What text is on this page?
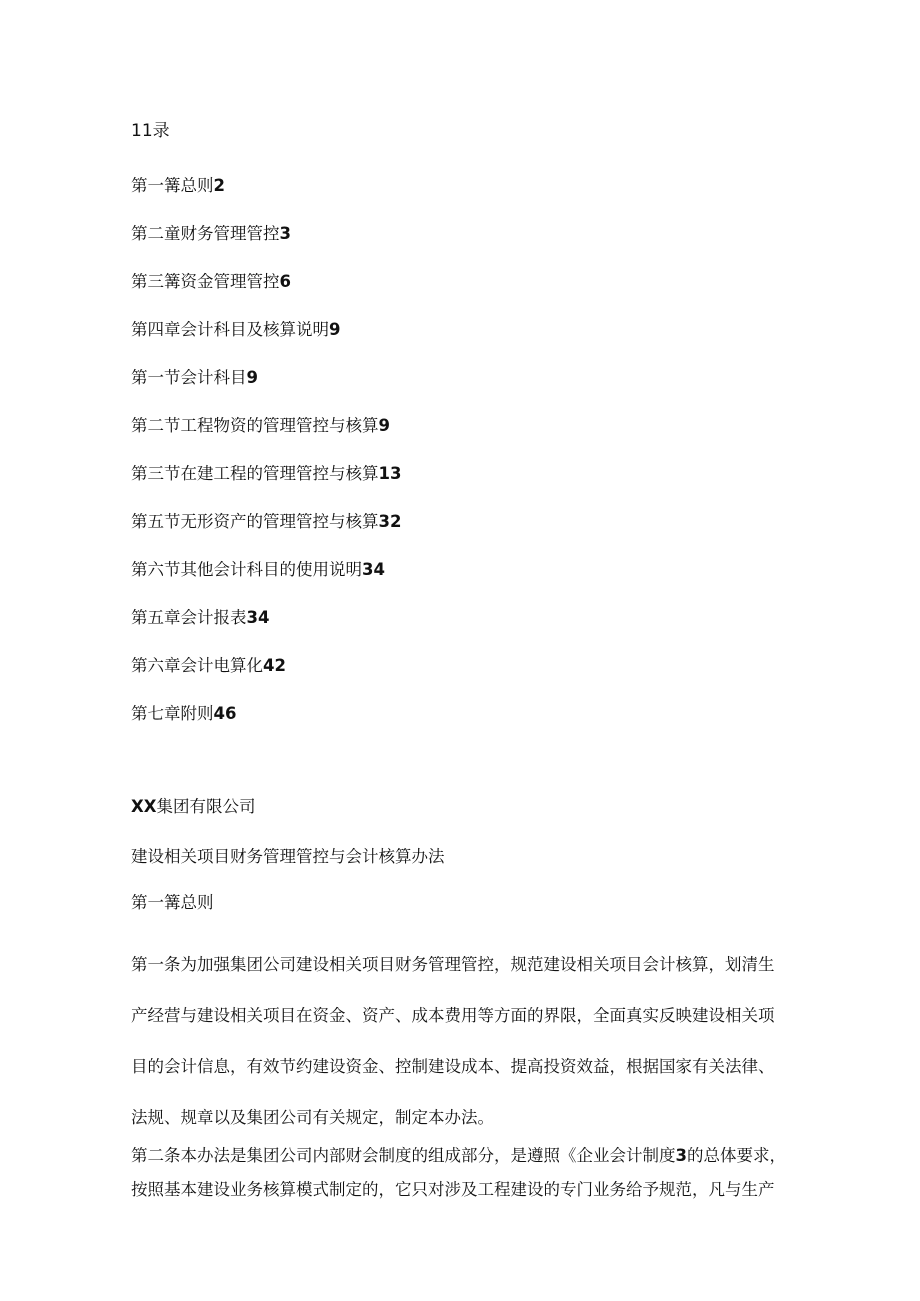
11录
第一篝总则2
第二童财务管理管控3
第三篝资金管理管控6
第四章会计科目及核算说明9
第一节会计科目9
第二节工程物资的管理管控与核算9
第三节在建工程的管理管控与核算13
第五节无形资产的管理管控与核算32
第六节其他会计科目的使用说明34
第五章会计报表34
第六章会计电算化42
第七章附则46
XX集团有限公司
建设相关项目财务管理管控与会计核算办法
第一篝总则
第一条为加强集团公司建设相关项目财务管理管控，规范建设相关项目会计核算，划清生
产经营与建设相关项目在资金、资产、成本费用等方面的界限，全面真实反映建设相关项
目的会计信息，有效节约建设资金、控制建设成本、提高投资效益，根据国家有关法律、
法规、规章以及集团公司有关规定，制定本办法。
第二条本办法是集团公司内部财会制度的组成部分，是遵照《企业会计制度3的总体要求，
按照基本建设业务核算模式制定的，它只对涉及工程建设的专门业务给予规范，凡与生产
